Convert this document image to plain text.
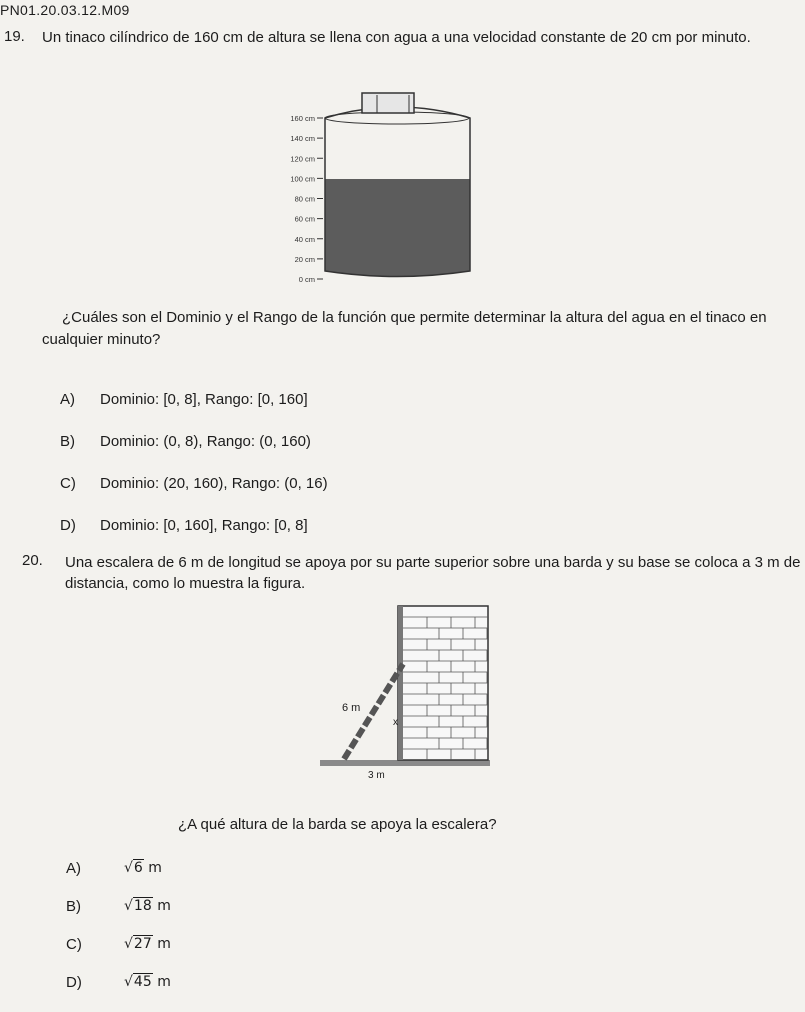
PN01.20.03.12.M09
19. Un tinaco cilíndrico de 160 cm de altura se llena con agua a una velocidad constante de 20 cm por minuto.
160 cm
140 cm
120 cm
100 cm
80 cm
60 cm
40 cm
20 cm
0 cm
¿Cuáles son el Dominio y el Rango de la función que permite determinar la altura del agua en el tinaco en
cualquier minuto?
A) Dominio: [0, 8], Rango: [0, 160]
B) Dominio: (0, 8), Rango: (0, 160)
C) Dominio: (20, 160), Rango: (0, 16)
D) Dominio: [0, 160], Rango: [0, 8]
20. Una escalera de 6 m de longitud se apoya por su parte superior sobre una barda y su base se coloca a 3 m de
distancia, como lo muestra la figura.
6 m
x
3 m
¿A qué altura de la barda se apoya la escalera?
A)	√6 m
B)	√18 m
C)	√27 m
D)	√45 m
